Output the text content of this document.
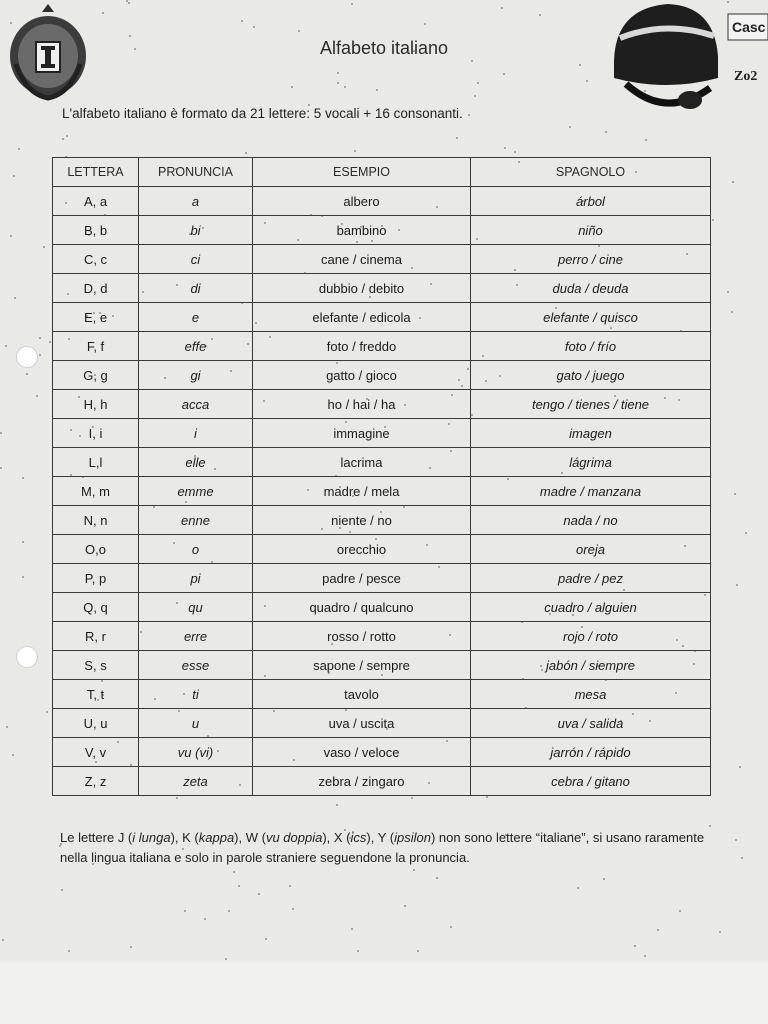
Casc
Zo2
Alfabeto italiano
L'alfabeto italiano è formato da 21 lettere: 5 vocali + 16 consonanti.
LETTERA	PRONUNCIA	ESEMPIO	SPAGNOLO
A, a	a	albero	árbol
B, b	bi	bambino	niño
C, c	ci	cane / cinema	perro / cine
D, d	di	dubbio / debito	duda / deuda
E, e	e	elefante / edicola	elefante / quisco
F, f	effe	foto / freddo	foto / frío
G, g	gi	gatto / gioco	gato / juego
H, h	acca	ho / hai / ha	tengo / tienes / tiene
I, i	i	immagine	imagen
L,l	elle	lacrima	lágrima
M, m	emme	madre / mela	madre / manzana
N, n	enne	niente / no	nada / no
O,o	o	orecchio	oreja
P, p	pi	padre / pesce	padre / pez
Q, q	qu	quadro / qualcuno	cuadro / alguien
R, r	erre	rosso / rotto	rojo / roto
S, s	esse	sapone / sempre	jabón / siempre
T, t	ti	tavolo	mesa
U, u	u	uva / uscita	uva / salida
V, v	vu (vi)	vaso / veloce	jarrón / rápido
Z, z	zeta	zebra / zingaro	cebra / gitano
Le lettere J (i lunga), K (kappa), W (vu doppia), X (ics), Y (ipsilon) non sono lettere “italiane”, si usano raramente nella lingua italiana e solo in parole straniere seguendone la pronuncia.
